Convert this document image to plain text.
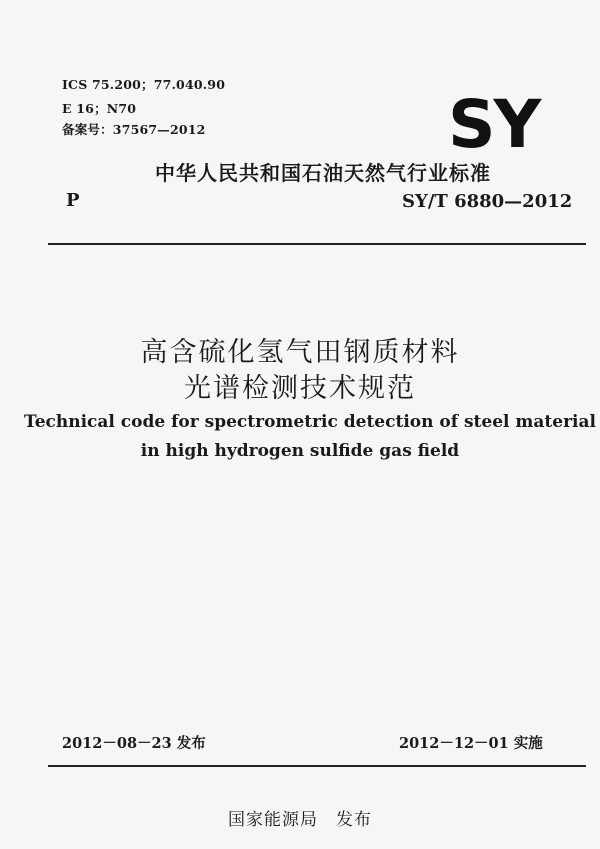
ICS 75.200；77.040.90
E 16；N70
备案号：37567—2012	SY
中华人民共和国石油天然气行业标准
P	SY/T 6880—2012
高含硫化氢气田钢质材料
光谱检测技术规范
Technical code for spectrometric detection of steel material
in high hydrogen sulfide gas field
2012－08－23 发布	2012－12－01 实施
国家能源局　发布
